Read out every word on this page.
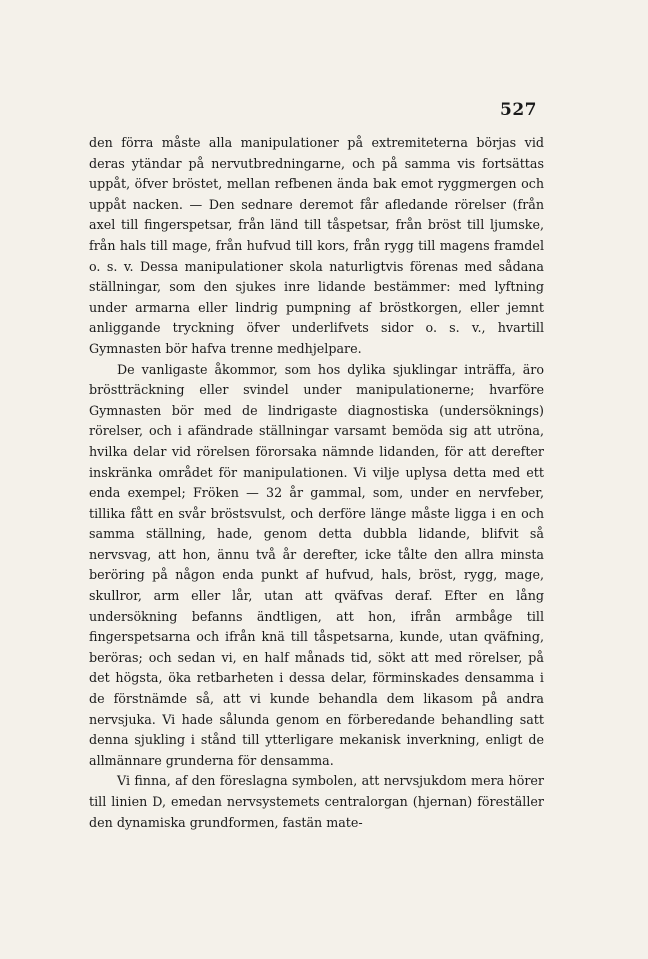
527

den förra måste alla manipulationer på extremiteterna börjas vid deras ytändar på nervutbredningarne, och på samma vis fortsättas uppåt, öfver bröstet, mellan refbenen ända bak emot ryggmergen och uppåt nacken. — Den sednare deremot får afledande rörelser (från axel till fingerspetsar, från länd till tåspetsar, från bröst till ljumske, från hals till mage, från hufvud till kors, från rygg till magens framdel o. s. v. Dessa manipulationer skola naturligtvis förenas med sådana ställningar, som den sjukes inre lidande bestämmer: med lyftning under armarna eller lindrig pumpning af bröstkorgen, eller jemnt anliggande tryckning öfver underlifvets sidor o. s. v., hvartill Gymnasten bör hafva trenne medhjelpare.

De vanligaste åkommor, som hos dylika sjuklingar inträffa, äro bröstträckning eller svindel under manipulationerne; hvarföre Gymnasten bör med de lindrigaste diagnostiska (undersöknings) rörelser, och i afändrade ställningar varsamt bemöda sig att utröna, hvilka delar vid rörelsen förorsaka nämnde lidanden, för att derefter inskränka området för manipulationen. Vi vilje uplysa detta med ett enda exempel; Fröken — 32 år gammal, som, under en nervfeber, tillika fått en svår bröstsvulst, och derföre länge måste ligga i en och samma ställning, hade, genom detta dubbla lidande, blifvit så nervsvag, att hon, ännu två år derefter, icke tålte den allra minsta beröring på någon enda punkt af hufvud, hals, bröst, rygg, mage, skullror, arm eller lår, utan att qväfvas deraf. Efter en lång undersökning befanns ändtligen, att hon, ifrån armbåge till fingerspetsarna och ifrån knä till tåspetsarna, kunde, utan qväfning, beröras; och sedan vi, en half månads tid, sökt att med rörelser, på det högsta, öka retbarheten i dessa delar, förminskades densamma i de förstnämde så, att vi kunde behandla dem likasom på andra nervsjuka. Vi hade sålunda genom en förberedande behandling satt denna sjukling i stånd till ytterligare mekanisk inverkning, enligt de allmännare grunderna för densamma.

Vi finna, af den föreslagna symbolen, att nervsjukdom mera hörer till linien D, emedan nervsystemets centralorgan (hjernan) föreställer den dynamiska grundformen, fastän mate-
